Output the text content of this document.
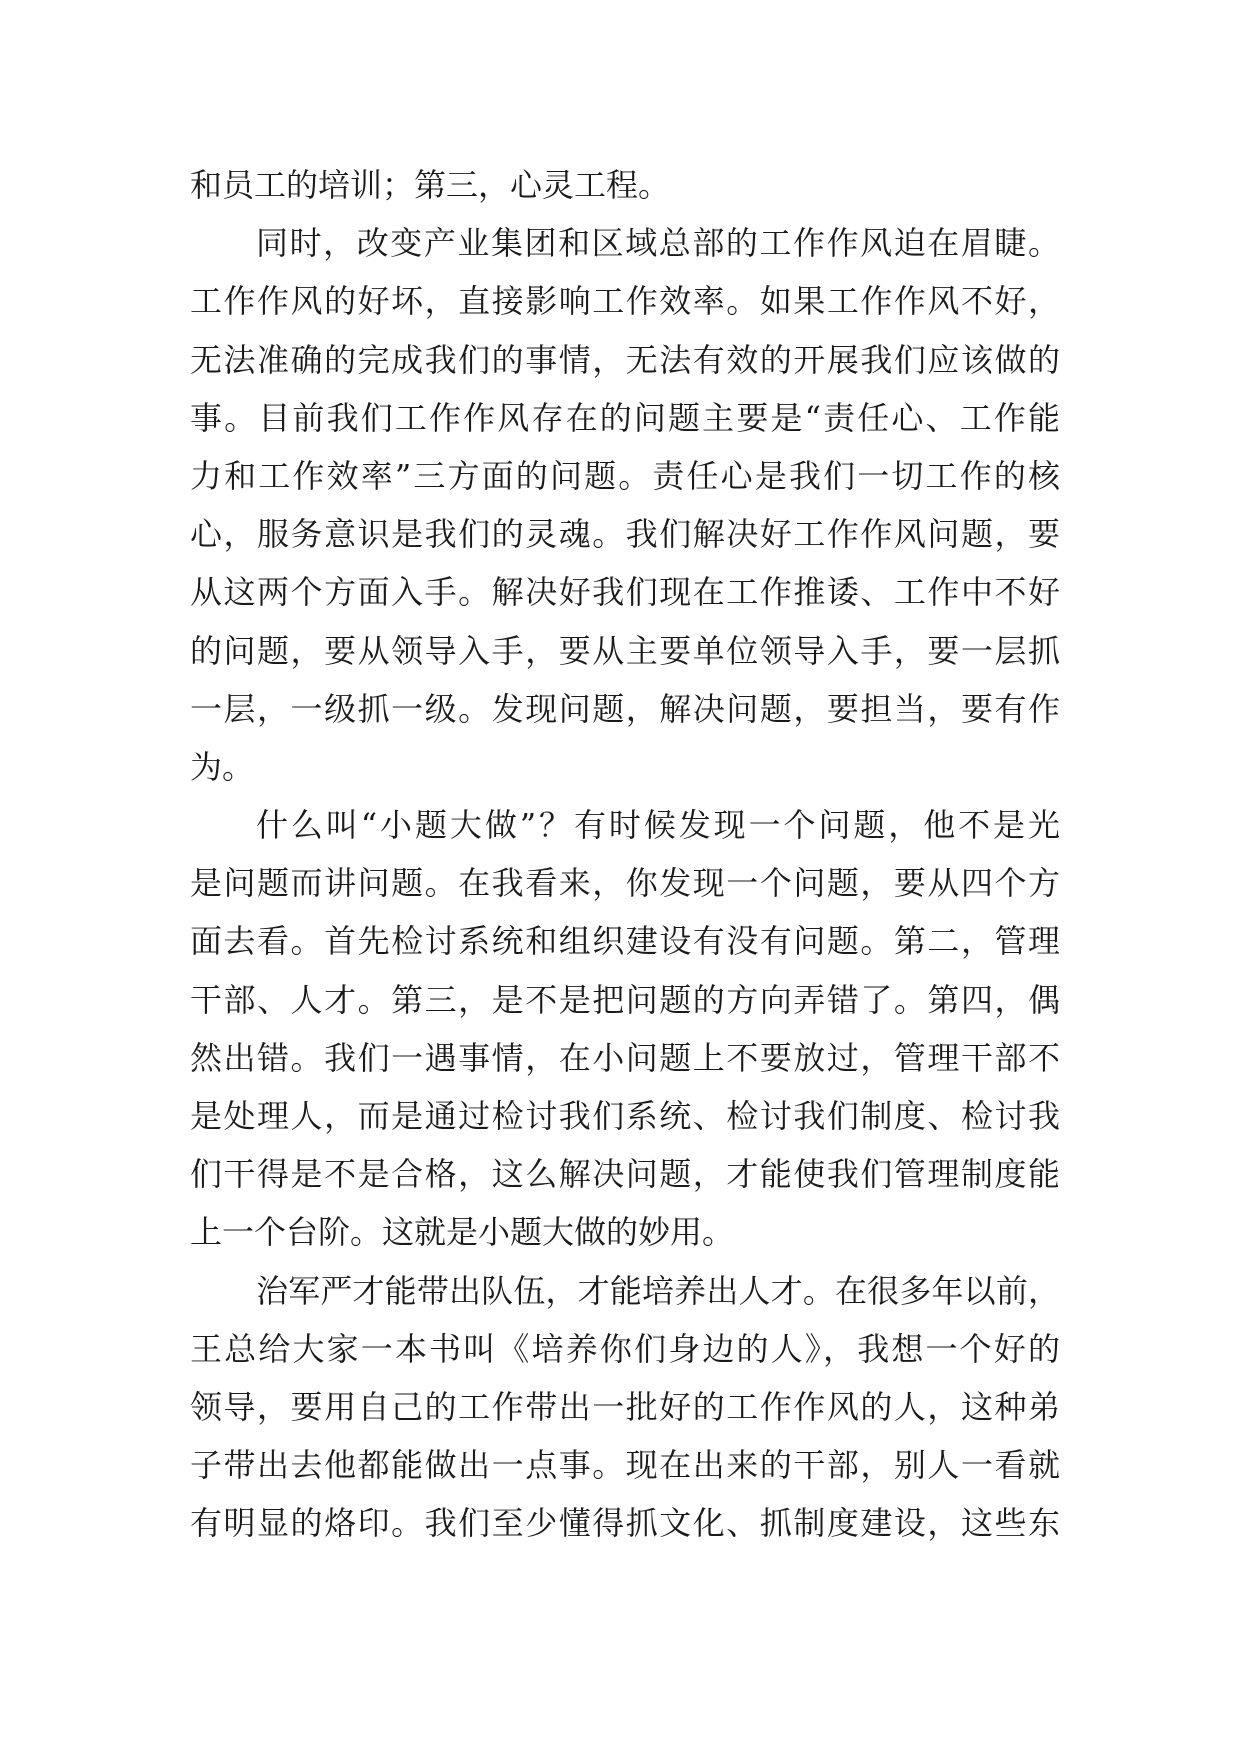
和员工的培训；第三，心灵工程。
同时，改变产业集团和区域总部的工作作风迫在眉睫。
工作作风的好坏，直接影响工作效率。如果工作作风不好，
无法准确的完成我们的事情，无法有效的开展我们应该做的
事。目前我们工作作风存在的问题主要是“责任心、工作能
力和工作效率”三方面的问题。责任心是我们一切工作的核
心，服务意识是我们的灵魂。我们解决好工作作风问题，要
从这两个方面入手。解决好我们现在工作推诿、工作中不好
的问题，要从领导入手，要从主要单位领导入手，要一层抓
一层，一级抓一级。发现问题，解决问题，要担当，要有作
为。
什么叫“小题大做”？有时候发现一个问题，他不是光
是问题而讲问题。在我看来，你发现一个问题，要从四个方
面去看。首先检讨系统和组织建设有没有问题。第二，管理
干部、人才。第三，是不是把问题的方向弄错了。第四，偶
然出错。我们一遇事情，在小问题上不要放过，管理干部不
是处理人，而是通过检讨我们系统、检讨我们制度、检讨我
们干得是不是合格，这么解决问题，才能使我们管理制度能
上一个台阶。这就是小题大做的妙用。
治军严才能带出队伍，才能培养出人才。在很多年以前，
王总给大家一本书叫《培养你们身边的人》，我想一个好的
领导，要用自己的工作带出一批好的工作作风的人，这种弟
子带出去他都能做出一点事。现在出来的干部，别人一看就
有明显的烙印。我们至少懂得抓文化、抓制度建设，这些东
